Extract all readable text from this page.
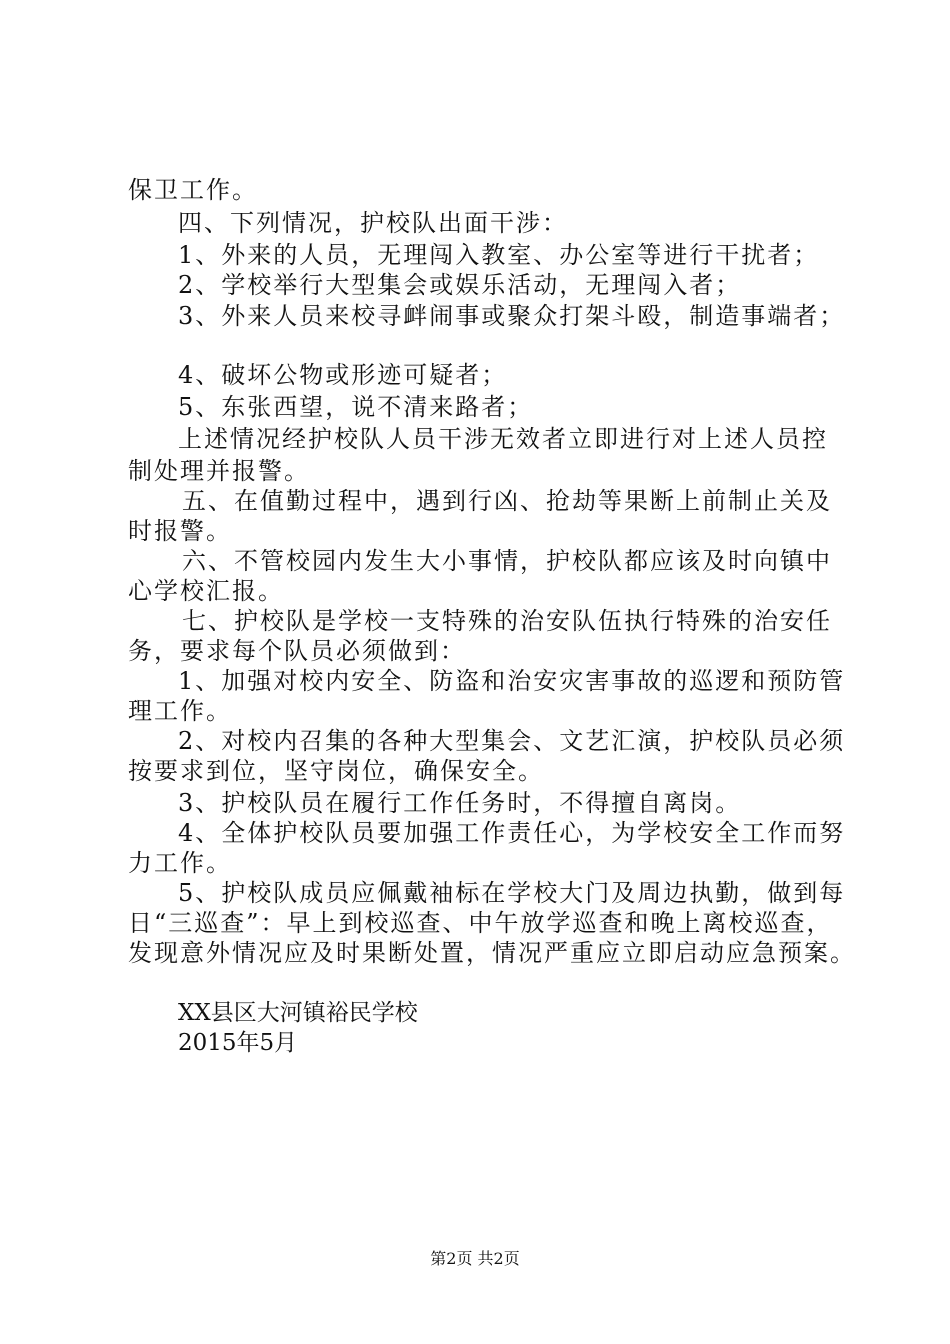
保卫工作。
四、下列情况，护校队出面干涉：
1、外来的人员，无理闯入教室、办公室等进行干扰者；
2、学校举行大型集会或娱乐活动，无理闯入者；
3、外来人员来校寻衅闹事或聚众打架斗殴，制造事端者；
4、破坏公物或形迹可疑者；
5、东张西望，说不清来路者；
上述情况经护校队人员干涉无效者立即进行对上述人员控
制处理并报警。
五、在值勤过程中，遇到行凶、抢劫等果断上前制止关及
时报警。
六、不管校园内发生大小事情，护校队都应该及时向镇中
心学校汇报。
七、护校队是学校一支特殊的治安队伍执行特殊的治安任
务，要求每个队员必须做到：
1、加强对校内安全、防盗和治安灾害事故的巡逻和预防管
理工作。
2、对校内召集的各种大型集会、文艺汇演，护校队员必须
按要求到位，坚守岗位，确保安全。
3、护校队员在履行工作任务时，不得擅自离岗。
4、全体护校队员要加强工作责任心，为学校安全工作而努
力工作。
5、护校队成员应佩戴袖标在学校大门及周边执勤，做到每
日“三巡查”：早上到校巡查、中午放学巡查和晚上离校巡查，
发现意外情况应及时果断处置，情况严重应立即启动应急预案。
XX县区大河镇裕民学校
2015年5月
第2页 共2页
